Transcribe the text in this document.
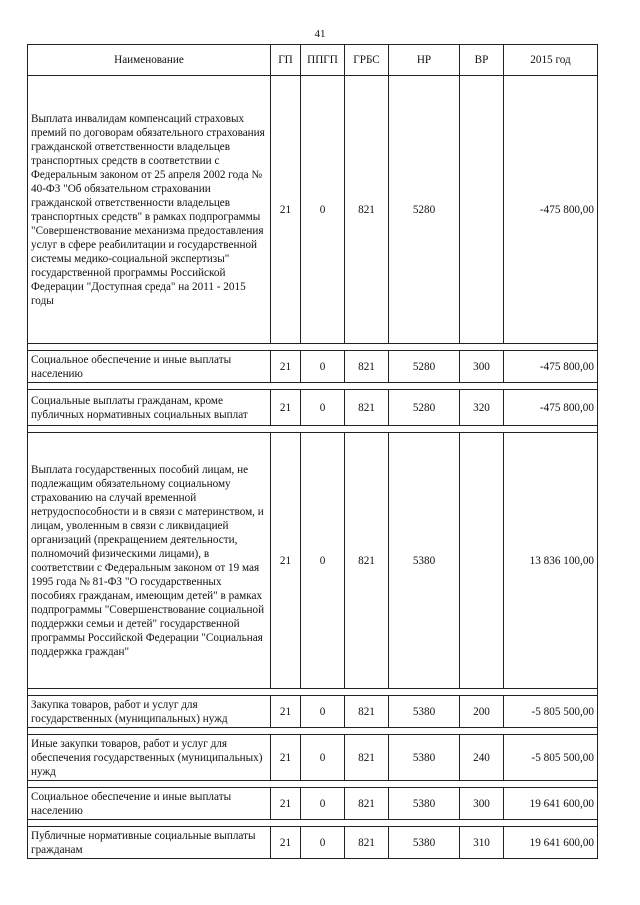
41
Наименование	ГП	ППГП	ГРБС	НР	ВР	2015 год
Выплата инвалидам компенсаций страховых премий по договорам обязательного страхования гражданской ответственности владельцев транспортных средств в соответствии с Федеральным законом от 25 апреля 2002 года № 40-ФЗ "Об обязательном страховании гражданской ответственности владельцев транспортных средств" в рамках подпрограммы "Совершенствование механизма предоставления услуг в сфере реабилитации и государственной системы медико-социальной экспертизы" государственной программы Российской Федерации "Доступная среда" на 2011 - 2015 годы	21	0	821	5280		-475 800,00

Социальное обеспечение и иные выплаты населению	21	0	821	5280	300	-475 800,00

Социальные выплаты гражданам, кроме публичных нормативных социальных выплат	21	0	821	5280	320	-475 800,00

Выплата государственных пособий лицам, не подлежащим обязательному социальному страхованию на случай временной нетрудоспособности и в связи с материнством, и лицам, уволенным в связи с ликвидацией организаций (прекращением деятельности, полномочий физическими лицами), в соответствии с Федеральным законом от 19 мая 1995 года № 81-ФЗ "О государственных пособиях гражданам, имеющим детей" в рамках подпрограммы "Совершенствование социальной поддержки семьи и детей" государственной программы Российской Федерации "Социальная поддержка граждан"	21	0	821	5380		13 836 100,00

Закупка товаров, работ и услуг для государственных (муниципальных) нужд	21	0	821	5380	200	-5 805 500,00

Иные закупки товаров, работ и услуг для обеспечения государственных (муниципальных) нужд	21	0	821	5380	240	-5 805 500,00

Социальное обеспечение и иные выплаты населению	21	0	821	5380	300	19 641 600,00

Публичные нормативные социальные выплаты гражданам	21	0	821	5380	310	19 641 600,00
